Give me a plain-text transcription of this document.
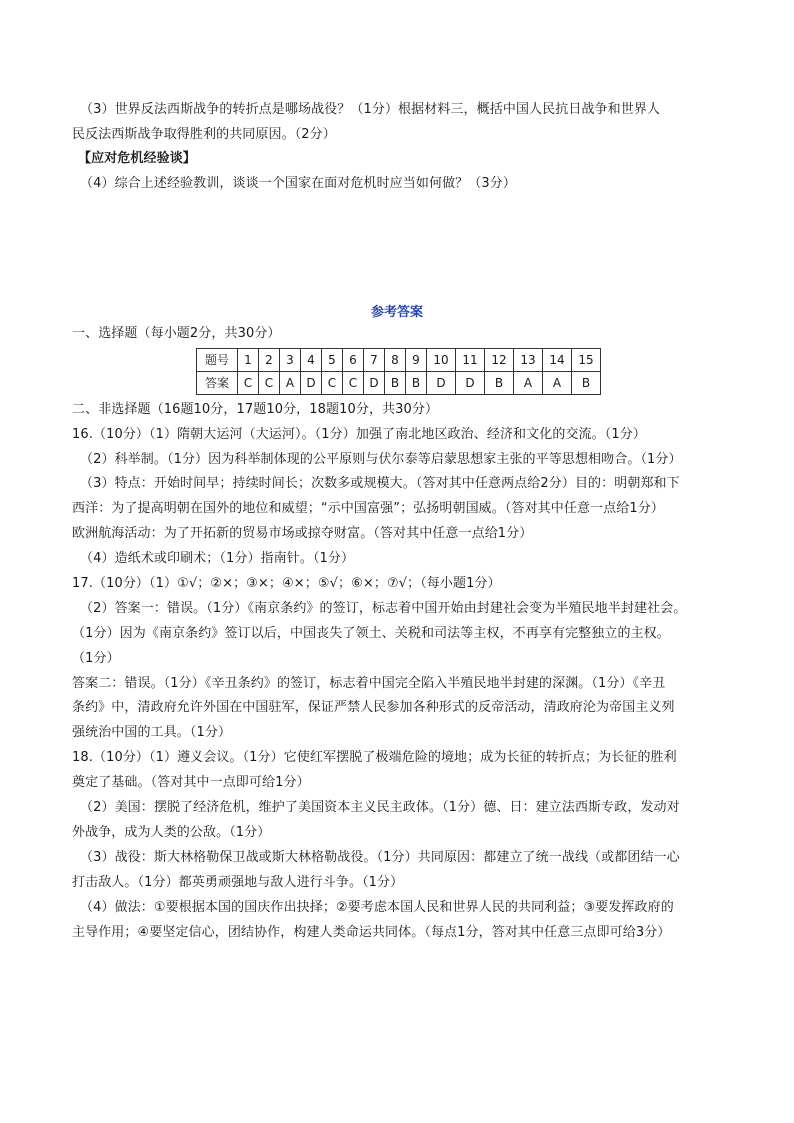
（3）世界反法西斯战争的转折点是哪场战役？（1分）根据材料三，概括中国人民抗日战争和世界人
民反法西斯战争取得胜利的共同原因。（2分）
【应对危机经验谈】
（4）综合上述经验教训，谈谈一个国家在面对危机时应当如何做？（3分）
参考答案
一、选择题（每小题2分，共30分）
题号	1	2	3	4	5	6	7	8	9	10	11	12	13	14	15
答案	C	C	A	D	C	C	D	B	B	D	D	B	A	A	B
二、非选择题（16题10分，17题10分，18题10分，共30分）
16.（10分）（1）隋朝大运河（大运河）。（1分）加强了南北地区政治、经济和文化的交流。（1分）
（2）科举制。（1分）因为科举制体现的公平原则与伏尔泰等启蒙思想家主张的平等思想相吻合。（1分）
（3）特点：开始时间早；持续时间长；次数多或规模大。（答对其中任意两点给2分）目的：明朝郑和下
西洋：为了提高明朝在国外的地位和威望；“示中国富强”；弘扬明朝国威。（答对其中任意一点给1分）
欧洲航海活动：为了开拓新的贸易市场或掠夺财富。（答对其中任意一点给1分）
（4）造纸术或印刷术；（1分）指南针。（1分）
17.（10分）（1）①√；②×；③×；④×；⑤√；⑥×；⑦√；（每小题1分）
（2）答案一：错误。（1分）《南京条约》的签订，标志着中国开始由封建社会变为半殖民地半封建社会。
（1分）因为《南京条约》签订以后，中国丧失了领土、关税和司法等主权，不再享有完整独立的主权。
（1分）
答案二：错误。（1分）《辛丑条约》的签订，标志着中国完全陷入半殖民地半封建的深渊。（1分）《辛丑
条约》中，清政府允许外国在中国驻军，保证严禁人民参加各种形式的反帝活动，清政府沦为帝国主义列
强统治中国的工具。（1分）
18.（10分）（1）遵义会议。（1分）它使红军摆脱了极端危险的境地；成为长征的转折点；为长征的胜利
奠定了基础。（答对其中一点即可给1分）
（2）美国：摆脱了经济危机，维护了美国资本主义民主政体。（1分）德、日：建立法西斯专政，发动对
外战争，成为人类的公敌。（1分）
（3）战役：斯大林格勒保卫战或斯大林格勒战役。（1分）共同原因：都建立了统一战线（或都团结一心
打击敌人。（1分）都英勇顽强地与敌人进行斗争。（1分）
（4）做法：①要根据本国的国庆作出抉择；②要考虑本国人民和世界人民的共同利益；③要发挥政府的
主导作用；④要坚定信心，团结协作，构建人类命运共同体。（每点1分，答对其中任意三点即可给3分）
